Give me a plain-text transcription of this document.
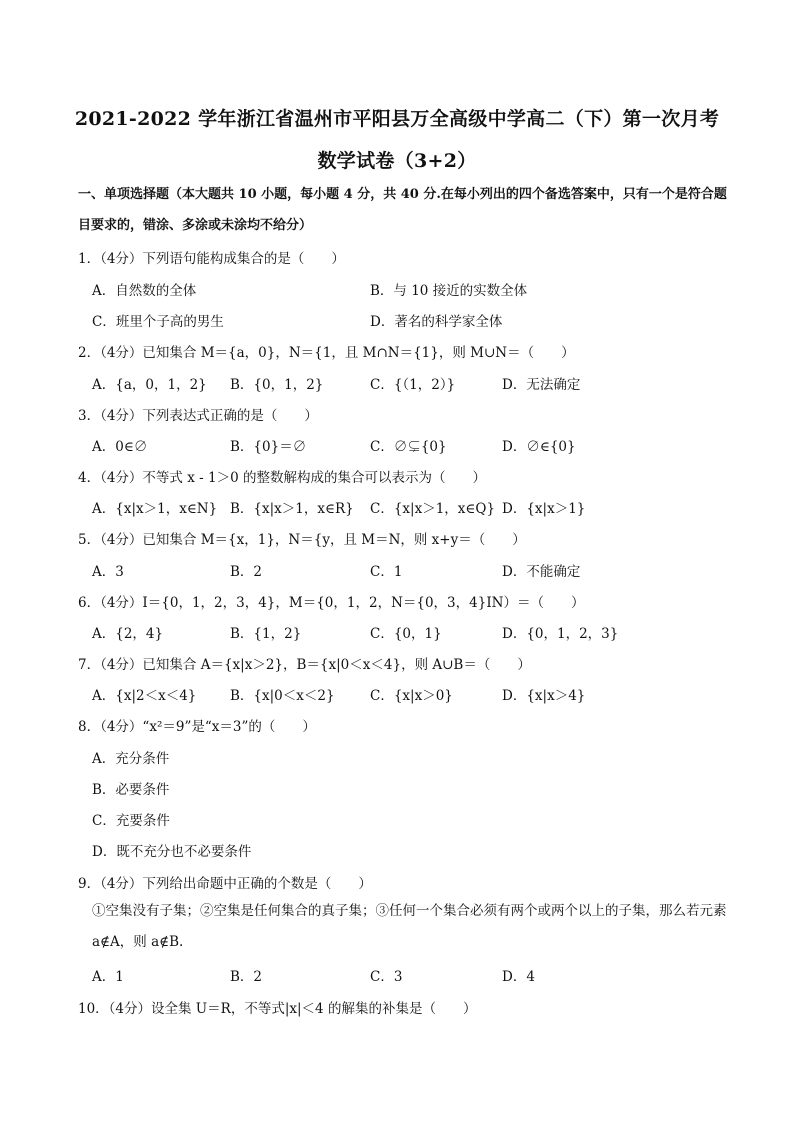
2021-2022 学年浙江省温州市平阳县万全高级中学高二（下）第一次月考
数学试卷（3+2）
一、单项选择题（本大题共 10 小题，每小题 4 分，共 40 分.在每小列出的四个备选答案中，只有一个是符合题目要求的，错涂、多涂或未涂均不给分）
1．（4分）下列语句能构成集合的是（　　）
A．自然数的全体	B．与 10 接近的实数全体
C．班里个子高的男生	D．著名的科学家全体
2．（4分）已知集合 M＝{a，0}，N＝{1，且 M∩N＝{1}，则 M∪N＝（　　）
A．{a，0，1，2} B．{0，1，2}	C．{（1，2）}	D．无法确定
3．（4分）下列表达式正确的是（　　）
A．0∈∅	B．{0}＝∅	C．∅⊊{0}	D．∅∈{0}
4．（4分）不等式 x - 1＞0 的整数解构成的集合可以表示为（　　）
A．{x|x＞1，x∈N} B．{x|x＞1，x∈R} C．{x|x＞1，x∈Q} D．{x|x＞1}
5．（4分）已知集合 M＝{x，1}，N＝{y，且 M＝N，则 x+y＝（　　）
A．3	B．2	C．1	D．不能确定
6．（4分）I＝{0，1，2，3，4}，M＝{0，1，2，N＝{0，3，4}IN）＝（　　）
A．{2，4}	B．{1，2}	C．{0，1}	D．{0，1，2，3}
7．（4分）已知集合 A＝{x|x＞2}，B＝{x|0＜x＜4}，则 A∪B＝（　　）
A．{x|2＜x＜4} B．{x|0＜x＜2}	C．{x|x＞0}	D．{x|x＞4}
8．（4分）“x²＝9”是“x＝3”的（　　）
A．充分条件
B．必要条件
C．充要条件
D．既不充分也不必要条件
9．（4分）下列给出命题中正确的个数是（　　）
①空集没有子集；②空集是任何集合的真子集；③任何一个集合必须有两个或两个以上的子集，那么若元素 a∉A，则 a∉B.
A．1	B．2	C．3	D．4
10．（4分）设全集 U＝R，不等式|x|＜4 的解集的补集是（　　）
